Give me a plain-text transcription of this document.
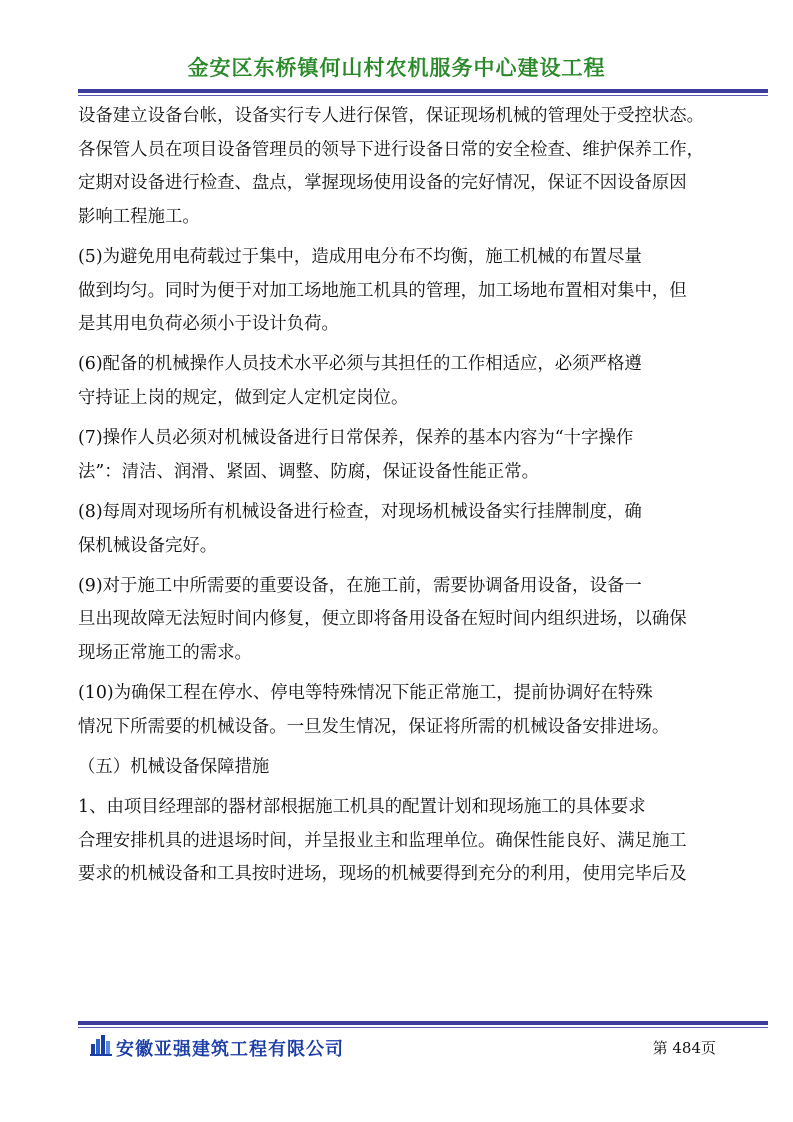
金安区东桥镇何山村农机服务中心建设工程

设备建立设备台帐，设备实行专人进行保管，保证现场机械的管理处于受控状态。

各保管人员在项目设备管理员的领导下进行设备日常的安全检查、维护保养工作，

定期对设备进行检查、盘点，掌握现场使用设备的完好情况，保证不因设备原因

影响工程施工。

(5)为避免用电荷载过于集中，造成用电分布不均衡，施工机械的布置尽量

做到均匀。同时为便于对加工场地施工机具的管理，加工场地布置相对集中，但

是其用电负荷必须小于设计负荷。

(6)配备的机械操作人员技术水平必须与其担任的工作相适应，必须严格遵

守持证上岗的规定，做到定人定机定岗位。

(7)操作人员必须对机械设备进行日常保养，保养的基本内容为“十字操作

法”：清洁、润滑、紧固、调整、防腐，保证设备性能正常。

(8)每周对现场所有机械设备进行检查，对现场机械设备实行挂牌制度，确

保机械设备完好。

(9)对于施工中所需要的重要设备，在施工前，需要协调备用设备，设备一

旦出现故障无法短时间内修复，便立即将备用设备在短时间内组织进场，以确保

现场正常施工的需求。

(10)为确保工程在停水、停电等特殊情况下能正常施工，提前协调好在特殊

情况下所需要的机械设备。一旦发生情况，保证将所需的机械设备安排进场。

（五）机械设备保障措施

1、由项目经理部的器材部根据施工机具的配置计划和现场施工的具体要求

合理安排机具的进退场时间，并呈报业主和监理单位。确保性能良好、满足施工

要求的机械设备和工具按时进场，现场的机械要得到充分的利用，使用完毕后及

安徽亚强建筑工程有限公司	第 484页
